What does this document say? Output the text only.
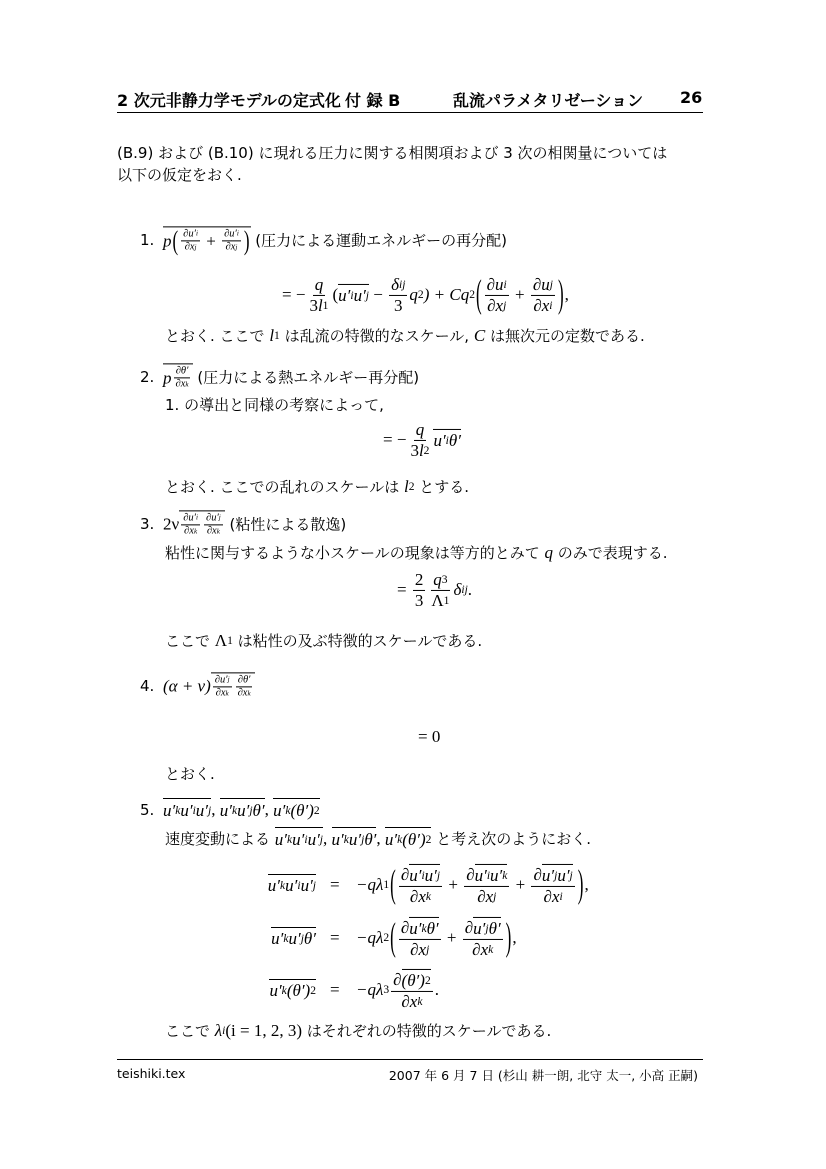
2 次元非静力学モデルの定式化 付 録 B	乱流パラメタリゼーション 26
(B.9) および (B.10) に現れる圧力に関する相関項および 3 次の相関量については
以下の仮定をおく.
1. p ( $\frac{\partial u' i}{\text{∂ x j}} + \frac{\partial u' i}{\text{∂ x j}}$ ) (圧力による運動エネルギーの再分配)
= − $\frac{q}{3 l 1}$ ( u′ i u′ $j - \frac{\text{δ ij}}{3}$ q 2 ) + C q 2 ( $\frac{\text{∂ u i}}{\text{∂ x j}} + \frac{\text{∂ u j}}{\text{∂ x i}}$ ) ,
とおく. ここで l 1 は乱流の特徴的なスケール, C は無次元の定数である.
2. p $\frac{\partial \theta'}{\text{∂ x k}}$ (圧力による熱エネルギー再分配)
1. の導出と同様の考察によって,
= − $\frac{q}{3 l 2} u'$ i θ′
とおく. ここでの乱れのスケールは l 2 とする.
3. $2\nu \frac{\partial u' i}{\text{∂ x k}} \frac{\partial u' j}{\text{∂ x k}}$ (粘性による散逸)
粘性に関与するような小スケールの現象は等方的とみて q のみで表現する.
= $\frac{2}{3} \frac{q 3}{\Lambda 1}$ δ ij .
ここで Λ 1 は粘性の及ぶ特徴的スケールである.
4. $(\alpha + \nu) \frac{\partial u' j}{\text{∂ x k}} \frac{\partial \theta'}{\text{∂ x k}}$
= 0
とおく.
5. u′ k u′ i u′ j , u′ k u′ j θ′ , u′ k (θ′) 2
速度変動による u′ k u′ i u′ j , u′ k u′ j θ′ , u′ k (θ′) 2 と考え次のようにおく.
u′ k u′ i u′ j = −q λ 1 ( $\frac{\text{∂ u′ i u′ j}}{\text{∂ x k}} + \frac{\text{∂ u′ i u′ k}}{\text{∂ x j}} + \frac{\text{∂ u′ j u′ j}}{\text{∂ x i}}$ ) ,
u′ k u′ j θ′ = −q λ 2 ( $\frac{\text{∂ u′ k θ′}}{\text{∂ x j}} + \frac{\text{∂ u′ j θ′}}{\text{∂ x k}}$ ) ,
u′ k (θ′) 2 = −q λ $3 \frac{\partial (\theta') 2}{\text{∂ x k}}$ .
ここで λ i (i = 1, 2, 3) はそれぞれの特徴的スケールである.
teishiki.tex	2007 年 6 月 7 日 (杉山 耕一朗, 北守 太一, 小高 正嗣)
